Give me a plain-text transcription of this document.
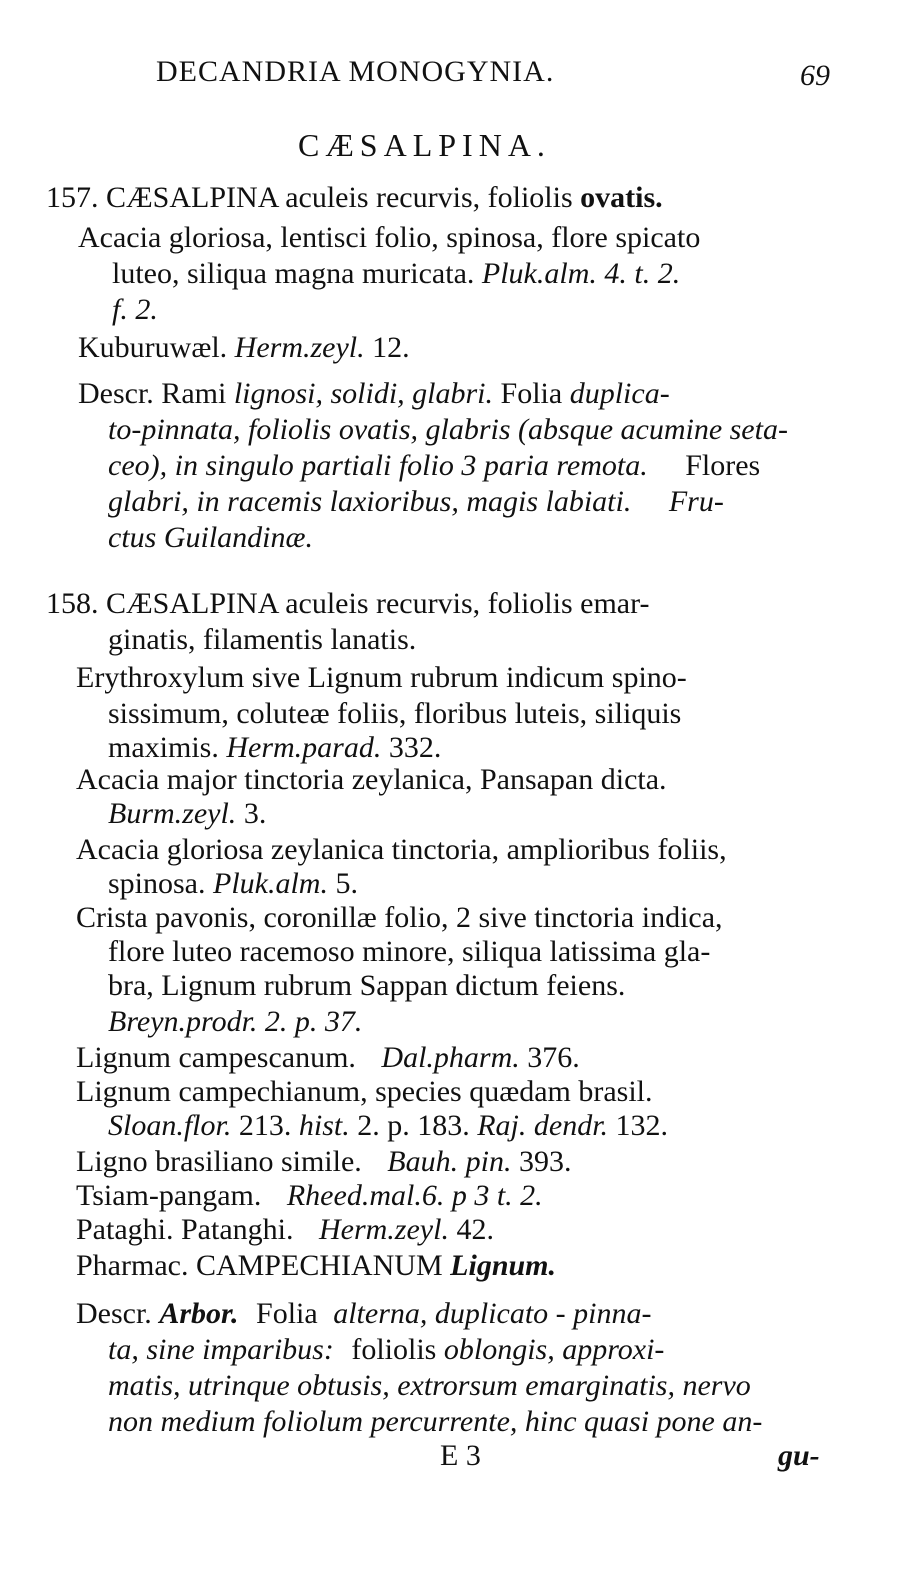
DECANDRIA MONOGYNIA.	69
CÆSALPINA.
157. CÆSALPINA aculeis recurvis, foliolis ovatis.
Acacia gloriosa, lentisci folio, spinosa, flore spicato
luteo, siliqua magna muricata. Pluk.alm. 4. t. 2.
f. 2.
Kuburuwæl. Herm.zeyl. 12.
Descr. Rami lignosi, solidi, glabri. Folia duplica-
to-pinnata, foliolis ovatis, glabris (absque acumine seta-
ceo), in singulo partiali folio 3 paria remota. Flores
glabri, in racemis laxioribus, magis labiati. Fru-
ctus Guilandinæ.
158. CÆSALPINA aculeis recurvis, foliolis emar-
ginatis, filamentis lanatis.
Erythroxylum sive Lignum rubrum indicum spino-
sissimum, coluteæ foliis, floribus luteis, siliquis
maximis. Herm.parad. 332.
Acacia major tinctoria zeylanica, Pansapan dicta.
Burm.zeyl. 3.
Acacia gloriosa zeylanica tinctoria, amplioribus foliis,
spinosa. Pluk.alm. 5.
Crista pavonis, coronillæ folio, 2 sive tinctoria indica,
flore luteo racemoso minore, siliqua latissima gla-
bra, Lignum rubrum Sappan dictum feiens.
Breyn.prodr. 2. p. 37.
Lignum campescanum. Dal.pharm. 376.
Lignum campechianum, species quædam brasil.
Sloan.flor. 213. hist. 2. p. 183. Raj. dendr. 132.
Ligno brasiliano simile. Bauh. pin. 393.
Tsiam-pangam. Rheed.mal.6. p 3 t. 2.
Pataghi. Patanghi. Herm.zeyl. 42.
Pharmac. CAMPECHIANUM Lignum.
Descr. Arbor. Folia alterna, duplicato - pinna-
ta, sine imparibus: foliolis oblongis, approxi-
matis, utrinque obtusis, extrorsum emarginatis, nervo
non medium foliolum percurrente, hinc quasi pone an-
E 3	gu-
